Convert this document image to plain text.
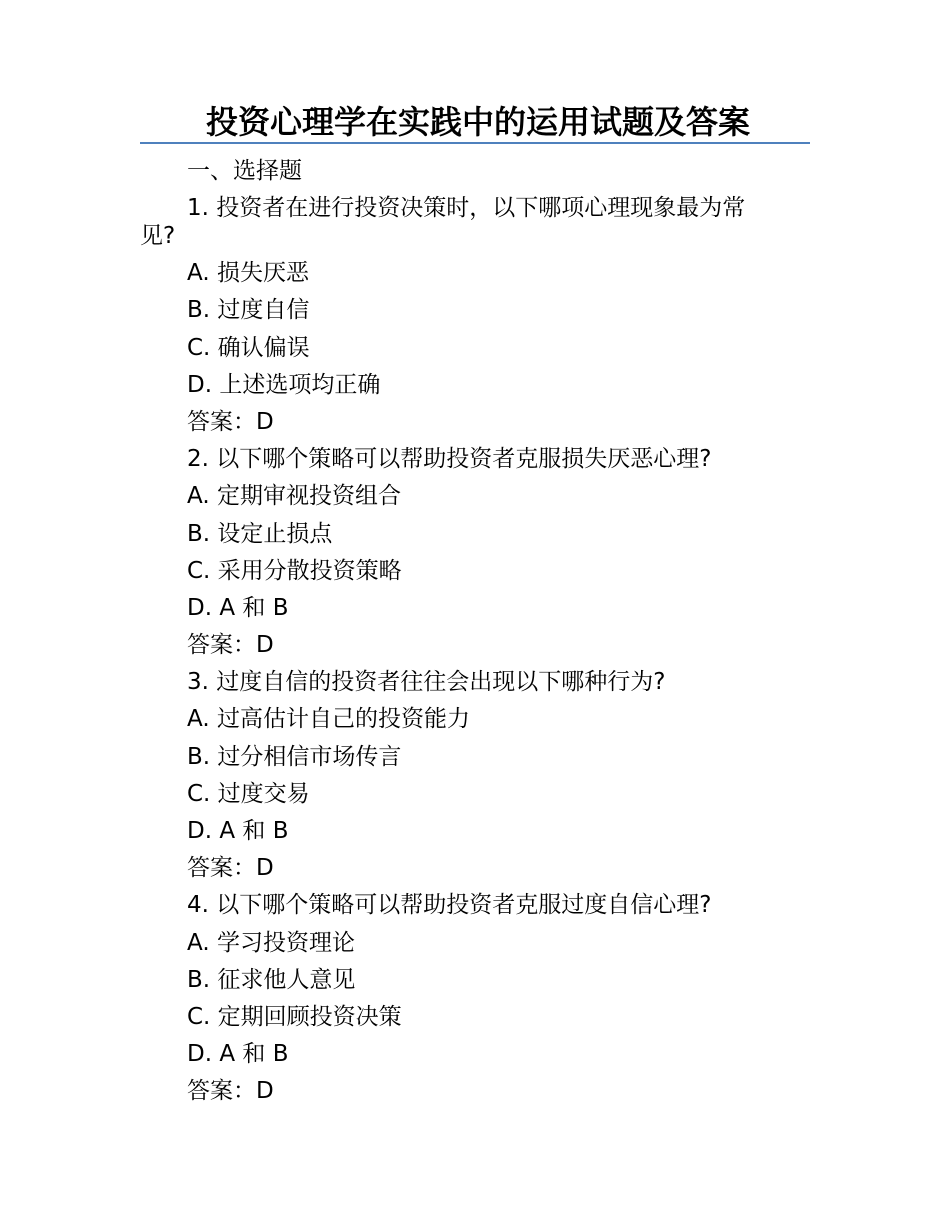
投资心理学在实践中的运用试题及答案
一、选择题
1. 投资者在进行投资决策时，以下哪项心理现象最为常
见?
A. 损失厌恶
B. 过度自信
C. 确认偏误
D. 上述选项均正确
答案：D
2. 以下哪个策略可以帮助投资者克服损失厌恶心理?
A. 定期审视投资组合
B. 设定止损点
C. 采用分散投资策略
D. A 和 B
答案：D
3. 过度自信的投资者往往会出现以下哪种行为?
A. 过高估计自己的投资能力
B. 过分相信市场传言
C. 过度交易
D. A 和 B
答案：D
4. 以下哪个策略可以帮助投资者克服过度自信心理?
A. 学习投资理论
B. 征求他人意见
C. 定期回顾投资决策
D. A 和 B
答案：D
